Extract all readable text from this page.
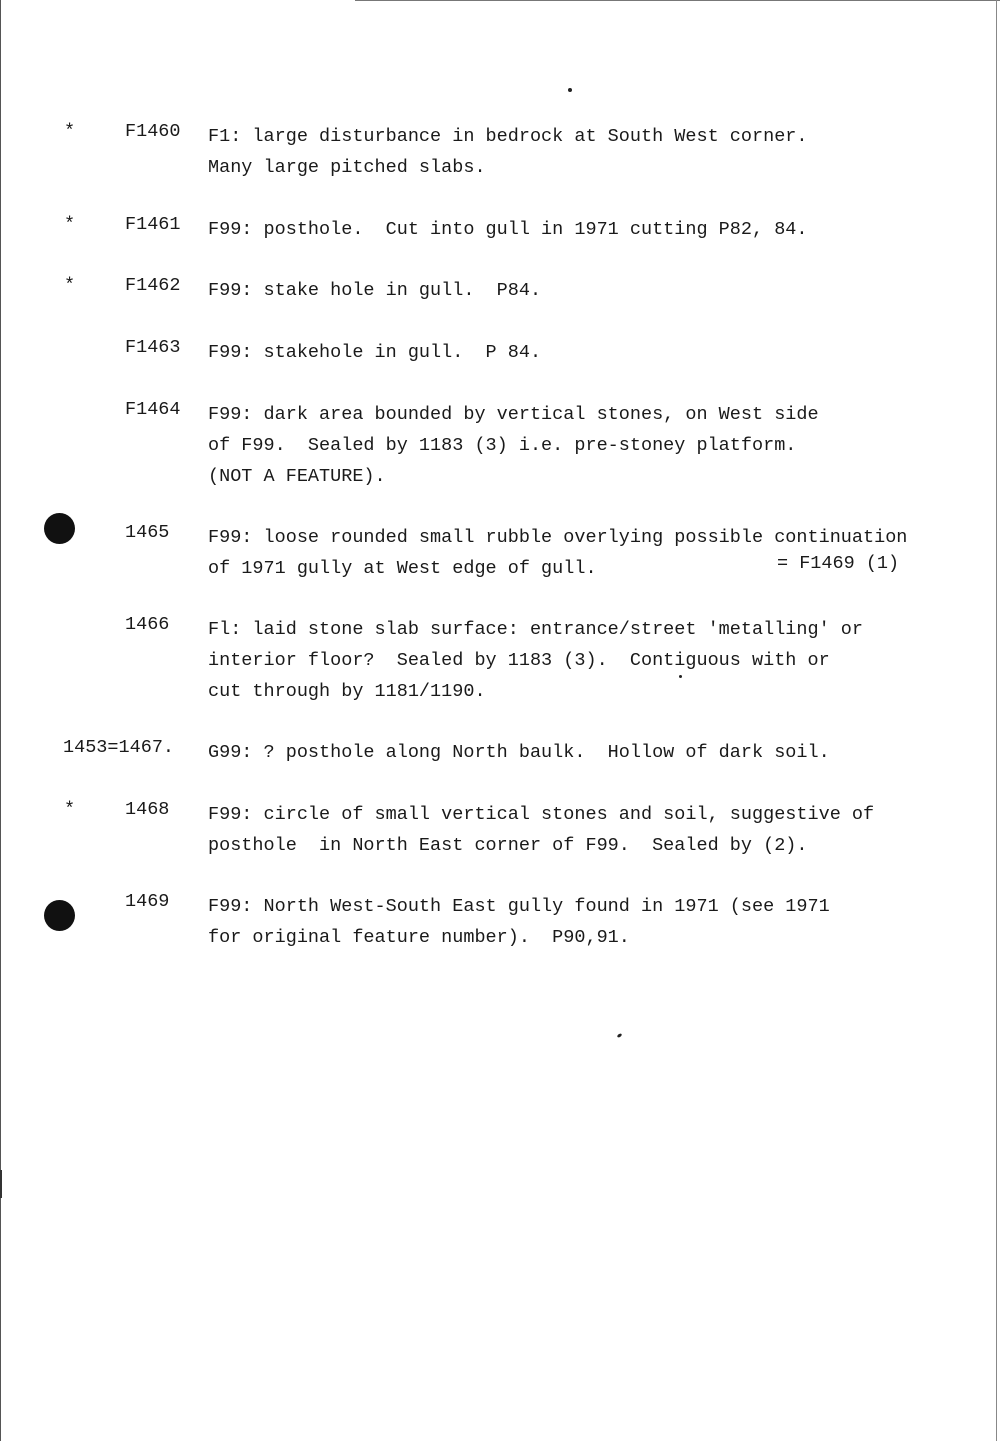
*	F1460 F1: large disturbance in bedrock at South West corner.
Many large pitched slabs.
*	F1461 F99: posthole.  Cut into gull in 1971 cutting P82, 84.
*	F1462 F99: stake hole in gull.  P84.
F1463 F99: stakehole in gull.  P 84.
F1464 F99: dark area bounded by vertical stones, on West side
of F99.  Sealed by 1183 (3) i.e. pre-stoney platform.
(NOT A FEATURE).
1465 F99: loose rounded small rubble overlying possible continuation
of 1971 gully at West edge of gull.	= F1469 (1)
1466 Fl: laid stone slab surface: entrance/street 'metalling' or
interior floor?  Sealed by 1183 (3).  Contiguous with or
cut through by 1181/1190.
1453=1467. G99: ? posthole along North baulk.  Hollow of dark soil.
*	1468 F99: circle of small vertical stones and soil, suggestive of
posthole  in North East corner of F99.  Sealed by (2).
1469 F99: North West-South East gully found in 1971 (see 1971
for original feature number).  P90,91.
